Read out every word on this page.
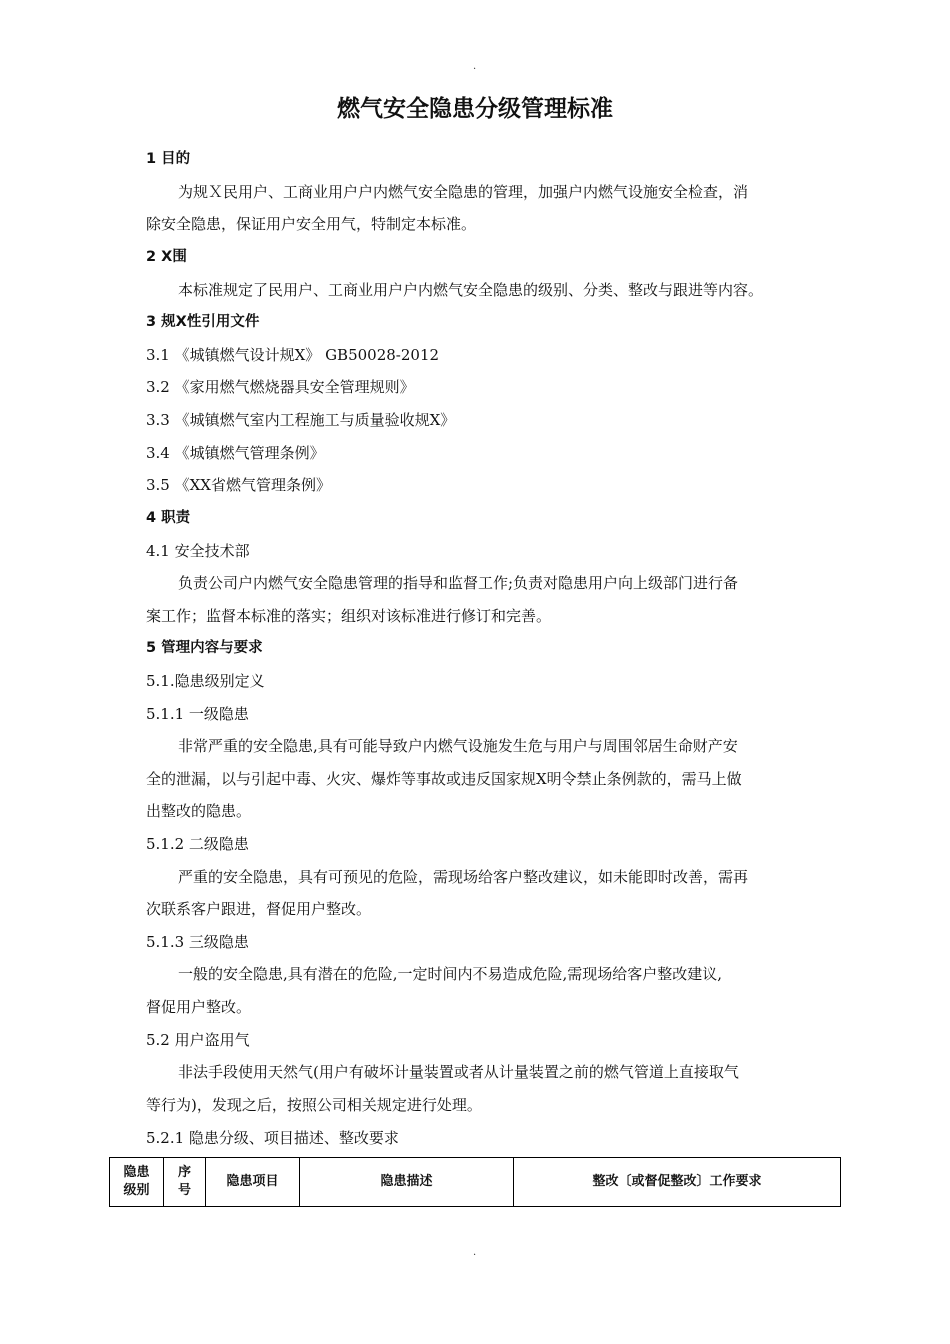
.
燃气安全隐患分级管理标准
1 目的
为规Ｘ民用户、工商业用户户内燃气安全隐患的管理，加强户内燃气设施安全检查，消
除安全隐患，保证用户安全用气，特制定本标准。
2 X围
本标准规定了民用户、工商业用户户内燃气安全隐患的级别、分类、整改与跟进等内容。
3 规X性引用文件
3.1 《城镇燃气设计规X》 GB50028-2012
3.2 《家用燃气燃烧器具安全管理规则》
3.3 《城镇燃气室内工程施工与质量验收规X》
3.4 《城镇燃气管理条例》
3.5 《XX省燃气管理条例》
4 职责
4.1 安全技术部
负责公司户内燃气安全隐患管理的指导和监督工作;负责对隐患用户向上级部门进行备
案工作；监督本标准的落实；组织对该标准进行修订和完善。
5 管理内容与要求
5.1.隐患级别定义
5.1.1 一级隐患
非常严重的安全隐患,具有可能导致户内燃气设施发生危与用户与周围邻居生命财产安
全的泄漏，以与引起中毒、火灾、爆炸等事故或违反国家规X明令禁止条例款的，需马上做
出整改的隐患。
5.1.2 二级隐患
严重的安全隐患，具有可预见的危险，需现场给客户整改建议，如未能即时改善，需再
次联系客户跟进，督促用户整改。
5.1.3 三级隐患
一般的安全隐患,具有潜在的危险,一定时间内不易造成危险,需现场给客户整改建议,
督促用户整改。
5.2 用户盗用气
非法手段使用天然气(用户有破坏计量装置或者从计量装置之前的燃气管道上直接取气
等行为)，发现之后，按照公司相关规定进行处理。
5.2.1 隐患分级、项目描述、整改要求
隐患
级别	序
号	隐患项目	隐患描述	整改〔或督促整改〕工作要求
.
